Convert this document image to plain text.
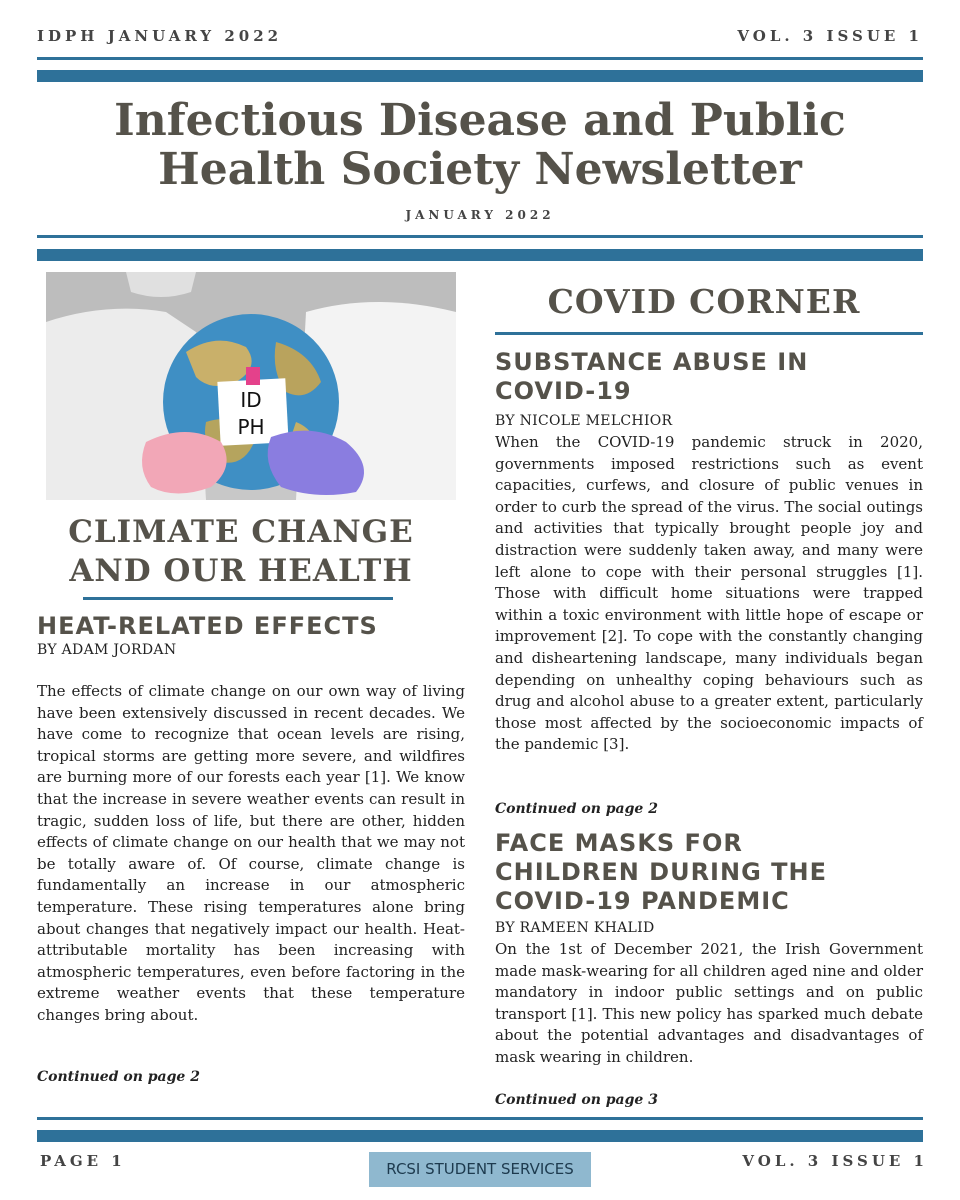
IDPH JANUARY 2022	VOL. 3 ISSUE 1
Infectious Disease and Public
Health Society Newsletter
JANUARY 2022
ID
PH
CLIMATE CHANGE
AND OUR HEALTH
HEAT-RELATED EFFECTS
BY ADAM JORDAN
The effects of climate change on our own way of living have been extensively discussed in recent decades. We have come to recognize that ocean levels are rising, tropical storms are getting more severe, and wildfires are burning more of our forests each year [1]. We know that the increase in severe weather events can result in tragic, sudden loss of life, but there are other, hidden effects of climate change on our health that we may not be totally aware of. Of course, climate change is fundamentally an increase in our atmospheric temperature. These rising temperatures alone bring about changes that negatively impact our health. Heat-attributable mortality has been increasing with atmospheric temperatures, even before factoring in the extreme weather events that these temperature changes bring about.
Continued on page 2
COVID CORNER
SUBSTANCE ABUSE IN
COVID-19
BY NICOLE MELCHIOR
When the COVID-19 pandemic struck in 2020, governments imposed restrictions such as event capacities, curfews, and closure of public venues in order to curb the spread of the virus. The social outings and activities that typically brought people joy and distraction were suddenly taken away, and many were left alone to cope with their personal struggles [1]. Those with difficult home situations were trapped within a toxic environment with little hope of escape or improvement [2]. To cope with the constantly changing and disheartening landscape, many individuals began depending on unhealthy coping behaviours such as drug and alcohol abuse to a greater extent, particularly those most affected by the socioeconomic impacts of the pandemic [3].
Continued on page 2
FACE MASKS FOR
CHILDREN DURING THE
COVID-19 PANDEMIC
BY RAMEEN KHALID
On the 1st of December 2021, the Irish Government made mask-wearing for all children aged nine and older mandatory in indoor public settings and on public transport [1]. This new policy has sparked much debate about the potential advantages and disadvantages of mask wearing in children.
Continued on page 3
PAGE 1	RCSI STUDENT SERVICES	VOL. 3 ISSUE 1
